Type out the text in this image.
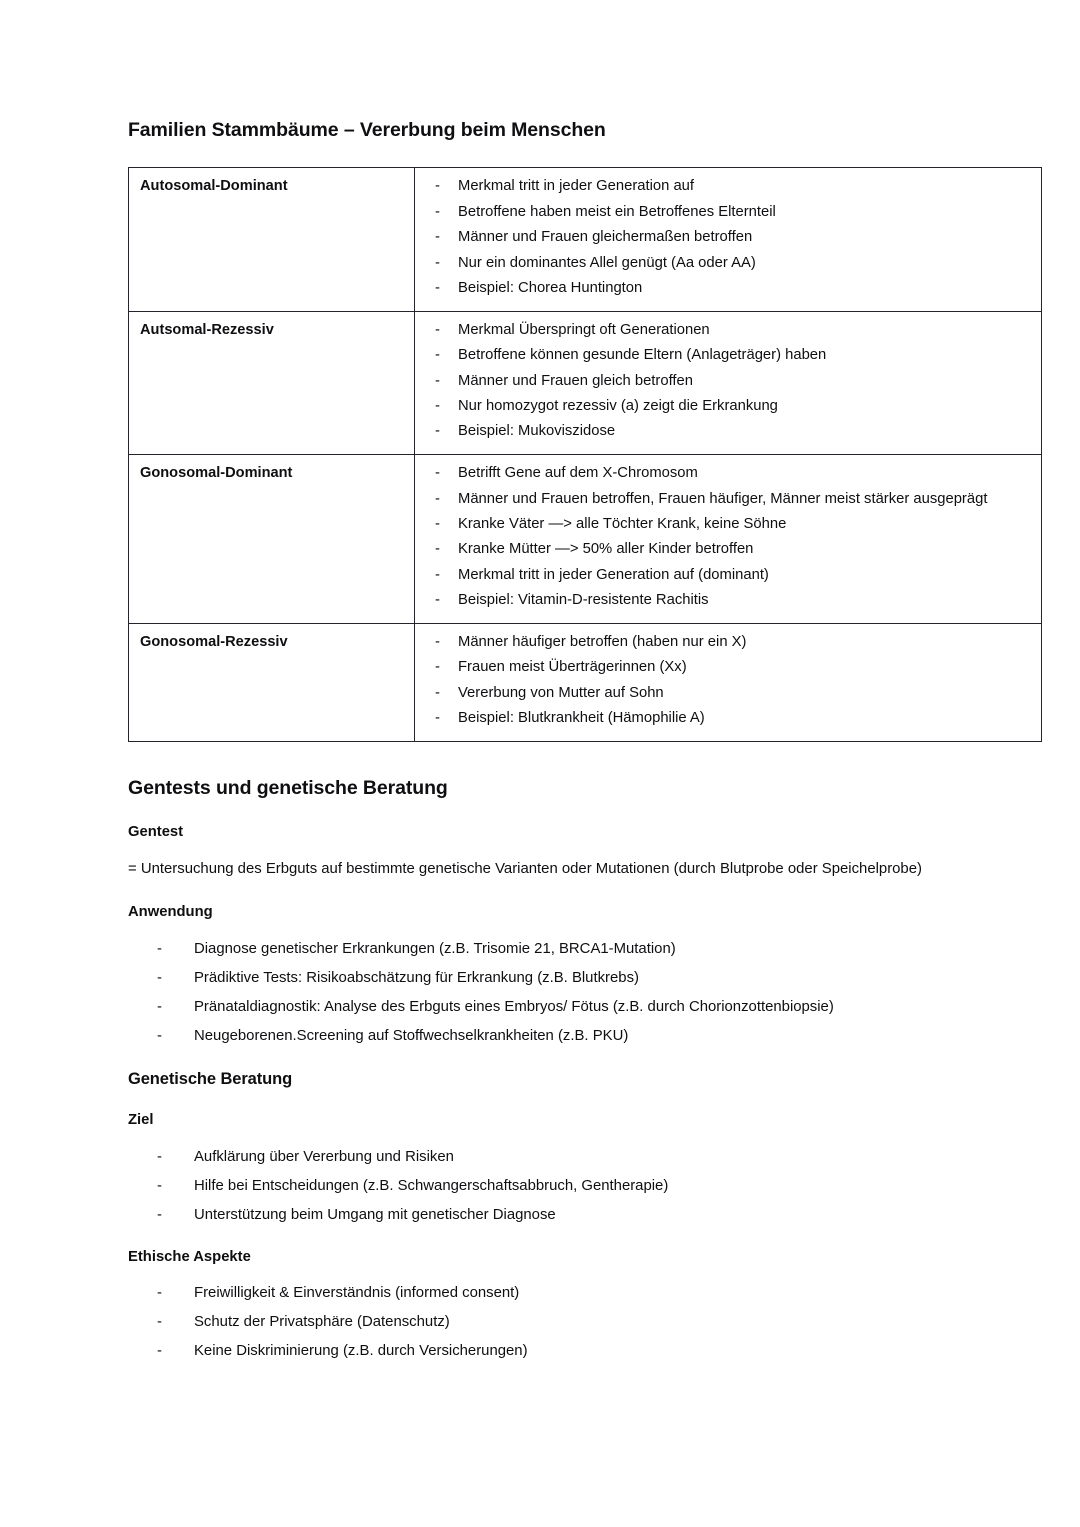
Familien Stammbäume – Vererbung beim Menschen
Autosomal-Dominant	-	Merkmal tritt in jeder Generation auf
-	Betroffene haben meist ein Betroffenes Elternteil
-	Männer und Frauen gleichermaßen betroffen
-	Nur ein dominantes Allel genügt (Aa oder AA)
-	Beispiel: Chorea Huntington

Autsomal-Rezessiv	-	Merkmal Überspringt oft Generationen
-	Betroffene können gesunde Eltern (Anlageträger) haben
-	Männer und Frauen gleich betroffen
-	Nur homozygot rezessiv (a) zeigt die Erkrankung
-	Beispiel: Mukoviszidose

Gonosomal-Dominant	-	Betrifft Gene auf dem X-Chromosom
-	Männer und Frauen betroffen, Frauen häufiger, Männer meist stärker ausgeprägt
-	Kranke Väter —> alle Töchter Krank, keine Söhne
-	Kranke Mütter —> 50% aller Kinder betroffen
-	Merkmal tritt in jeder Generation auf (dominant)
-	Beispiel: Vitamin-D-resistente Rachitis

Gonosomal-Rezessiv	-	Männer häufiger betroffen (haben nur ein X)
-	Frauen meist Überträgerinnen (Xx)
-	Vererbung von Mutter auf Sohn
-	Beispiel: Blutkrankheit (Hämophilie A)
Gentests und genetische Beratung
Gentest

= Untersuchung des Erbguts auf bestimmte genetische Varianten oder Mutationen (durch Blutprobe oder Speichelprobe)

Anwendung
-	Diagnose genetischer Erkrankungen (z.B. Trisomie 21, BRCA1-Mutation)
-	Prädiktive Tests: Risikoabschätzung für Erkrankung (z.B. Blutkrebs)
-	Pränataldiagnostik: Analyse des Erbguts eines Embryos/ Fötus (z.B. durch Chorionzottenbiopsie)
-	Neugeborenen.Screening auf Stoffwechselkrankheiten (z.B. PKU)
Genetische Beratung
Ziel
-	Aufklärung über Vererbung und Risiken
-	Hilfe bei Entscheidungen (z.B. Schwangerschaftsabbruch, Gentherapie)
-	Unterstützung beim Umgang mit genetischer Diagnose
Ethische Aspekte
-	Freiwilligkeit & Einverständnis (informed consent)
-	Schutz der Privatsphäre (Datenschutz)
-	Keine Diskriminierung (z.B. durch Versicherungen)
